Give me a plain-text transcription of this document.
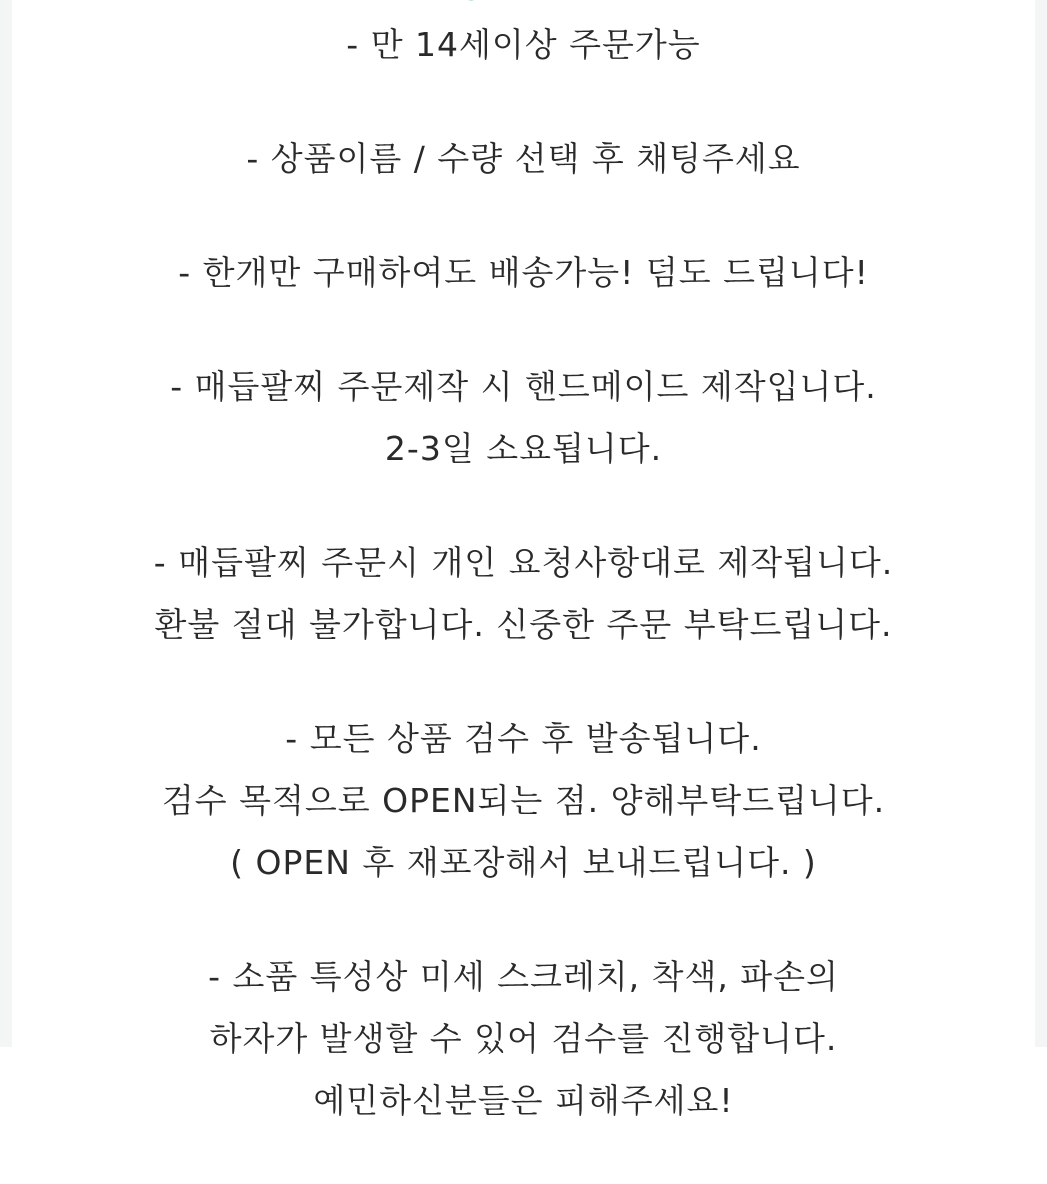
- 만 14세이상 주문가능
- 상품이름 / 수량 선택 후 채팅주세요
- 한개만 구매하여도 배송가능! 덤도 드립니다!
- 매듭팔찌 주문제작 시 핸드메이드 제작입니다.
2-3일 소요됩니다.
- 매듭팔찌 주문시 개인 요청사항대로 제작됩니다.
환불 절대 불가합니다. 신중한 주문 부탁드립니다.
- 모든 상품 검수 후 발송됩니다.
검수 목적으로 OPEN되는 점. 양해부탁드립니다.
( OPEN 후 재포장해서 보내드립니다. )
- 소품 특성상 미세 스크레치, 착색, 파손의
하자가 발생할 수 있어 검수를 진행합니다.
예민하신분들은 피해주세요!
